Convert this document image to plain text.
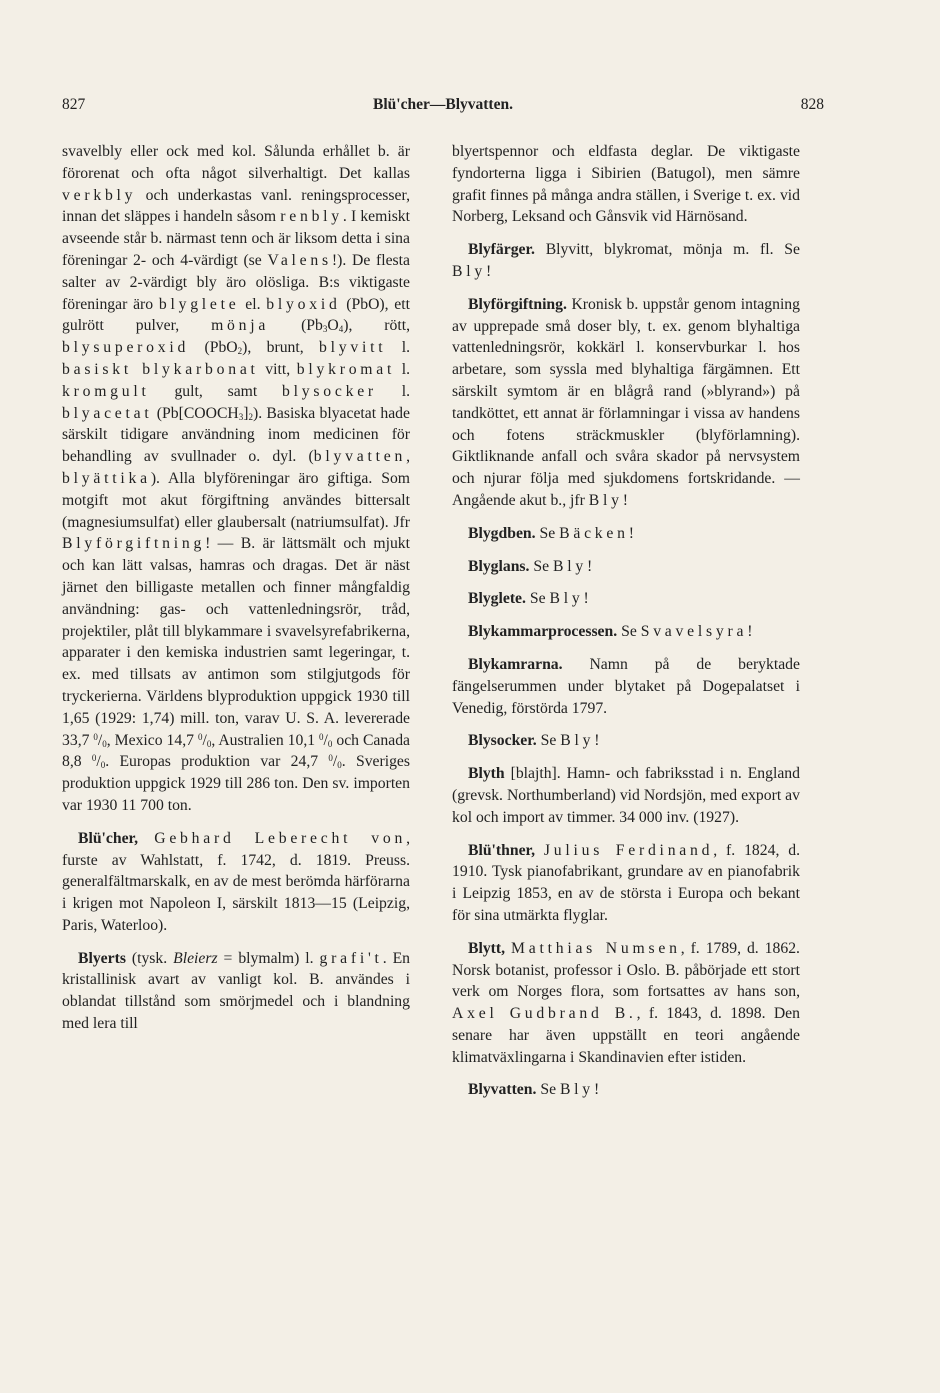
827	Blü'cher—Blyvatten.	828

svavelbly eller ock med kol. Sålunda erhållet b. är förorenat och ofta något silverhaltigt. Det kallas verkbly och underkastas vanl. reningsprocesser, innan det släppes i handeln såsom renbly. I kemiskt avseende står b. närmast tenn och är liksom detta i sina föreningar 2- och 4-värdigt (se Valens!). De flesta salter av 2-värdigt bly äro olösliga. B:s viktigaste föreningar äro blyglete el. blyoxid (PbO), ett gulrött pulver, mönja $(Pb_3O_4)$, rött, blysuperoxid (PbO$_2$), brunt, blyvitt l. basiskt blykarbonat vitt, blykromat l. kromgult gult, samt blysocker l. blyacetat $(Pb[COOCH_3]_2)$. Basiska blyacetat hade särskilt tidigare användning inom medicinen för behandling av svullnader o. dyl. (blyvatten, blyättika). Alla blyföreningar äro giftiga. Som motgift mot akut förgiftning användes bittersalt (magnesiumsulfat) eller glaubersalt (natriumsulfat). Jfr Blyförgiftning! — B. är lättsmält och mjukt och kan lätt valsas, hamras och dragas. Det är näst järnet den billigaste metallen och finner mångfaldig användning: gas- och vattenledningsrör, tråd, projektiler, plåt till blykammare i svavelsyrefabrikerna, apparater i den kemiska industrien samt legeringar, t. ex. med tillsats av antimon som stilgjutgods för tryckerierna. Världens blyproduktion uppgick 1930 till 1,65 (1929: 1,74) mill. ton, varav U. S. A. levererade 33,7 $^0/_0$, Mexico 14,7 $^0/_0$, Australien 10,1 $^0/_0$ och Canada 8,8 $^0/_0$. Europas produktion var 24,7 $^0/_0$. Sveriges produktion uppgick 1929 till 286 ton. Den sv. importen var 1930 11 700 ton.

Blü'cher, Gebhard Leberecht von, furste av Wahlstatt, f. 1742, d. 1819. Preuss. generalfältmarskalk, en av de mest berömda härförarna i krigen mot Napoleon I, särskilt 1813—15 (Leipzig, Paris, Waterloo).

Blyerts (tysk. Bleierz = blymalm) l. grafi't. En kristallinisk avart av vanligt kol. B. användes i oblandat tillstånd som smörjmedel och i blandning med lera till

blyertspennor och eldfasta deglar. De viktigaste fyndorterna ligga i Sibirien (Batugol), men sämre grafit finnes på många andra ställen, i Sverige t. ex. vid Norberg, Leksand och Gånsvik vid Härnösand.

Blyfärger. Blyvitt, blykromat, mönja m. fl. Se Bly!

Blyförgiftning. Kronisk b. uppstår genom intagning av upprepade små doser bly, t. ex. genom blyhaltiga vattenledningsrör, kokkärl l. konservburkar l. hos arbetare, som syssla med blyhaltiga färgämnen. Ett särskilt symtom är en blågrå rand (»blyrand») på tandköttet, ett annat är förlamningar i vissa av handens och fotens sträckmuskler (blyförlamning). Giktliknande anfall och svåra skador på nervsystem och njurar följa med sjukdomens fortskridande. — Angående akut b., jfr Bly!

Blygdben. Se Bäcken!

Blyglans. Se Bly!

Blyglete. Se Bly!

Blykammarprocessen. Se Svavelsyra!

Blykamrarna. Namn på de beryktade fängelserummen under blytaket på Dogepalatset i Venedig, förstörda 1797.

Blysocker. Se Bly!

Blyth [blajth]. Hamn- och fabriksstad i n. England (grevsk. Northumberland) vid Nordsjön, med export av kol och import av timmer. 34 000 inv. (1927).

Blü'thner, Julius Ferdinand, f. 1824, d. 1910. Tysk pianofabrikant, grundare av en pianofabrik i Leipzig 1853, en av de största i Europa och bekant för sina utmärkta flyglar.

Blytt, Matthias Numsen, f. 1789, d. 1862. Norsk botanist, professor i Oslo. B. påbörjade ett stort verk om Norges flora, som fortsattes av hans son, Axel Gudbrand B., f. 1843, d. 1898. Den senare har även uppställt en teori angående klimatväxlingarna i Skandinavien efter istiden.

Blyvatten. Se Bly!
